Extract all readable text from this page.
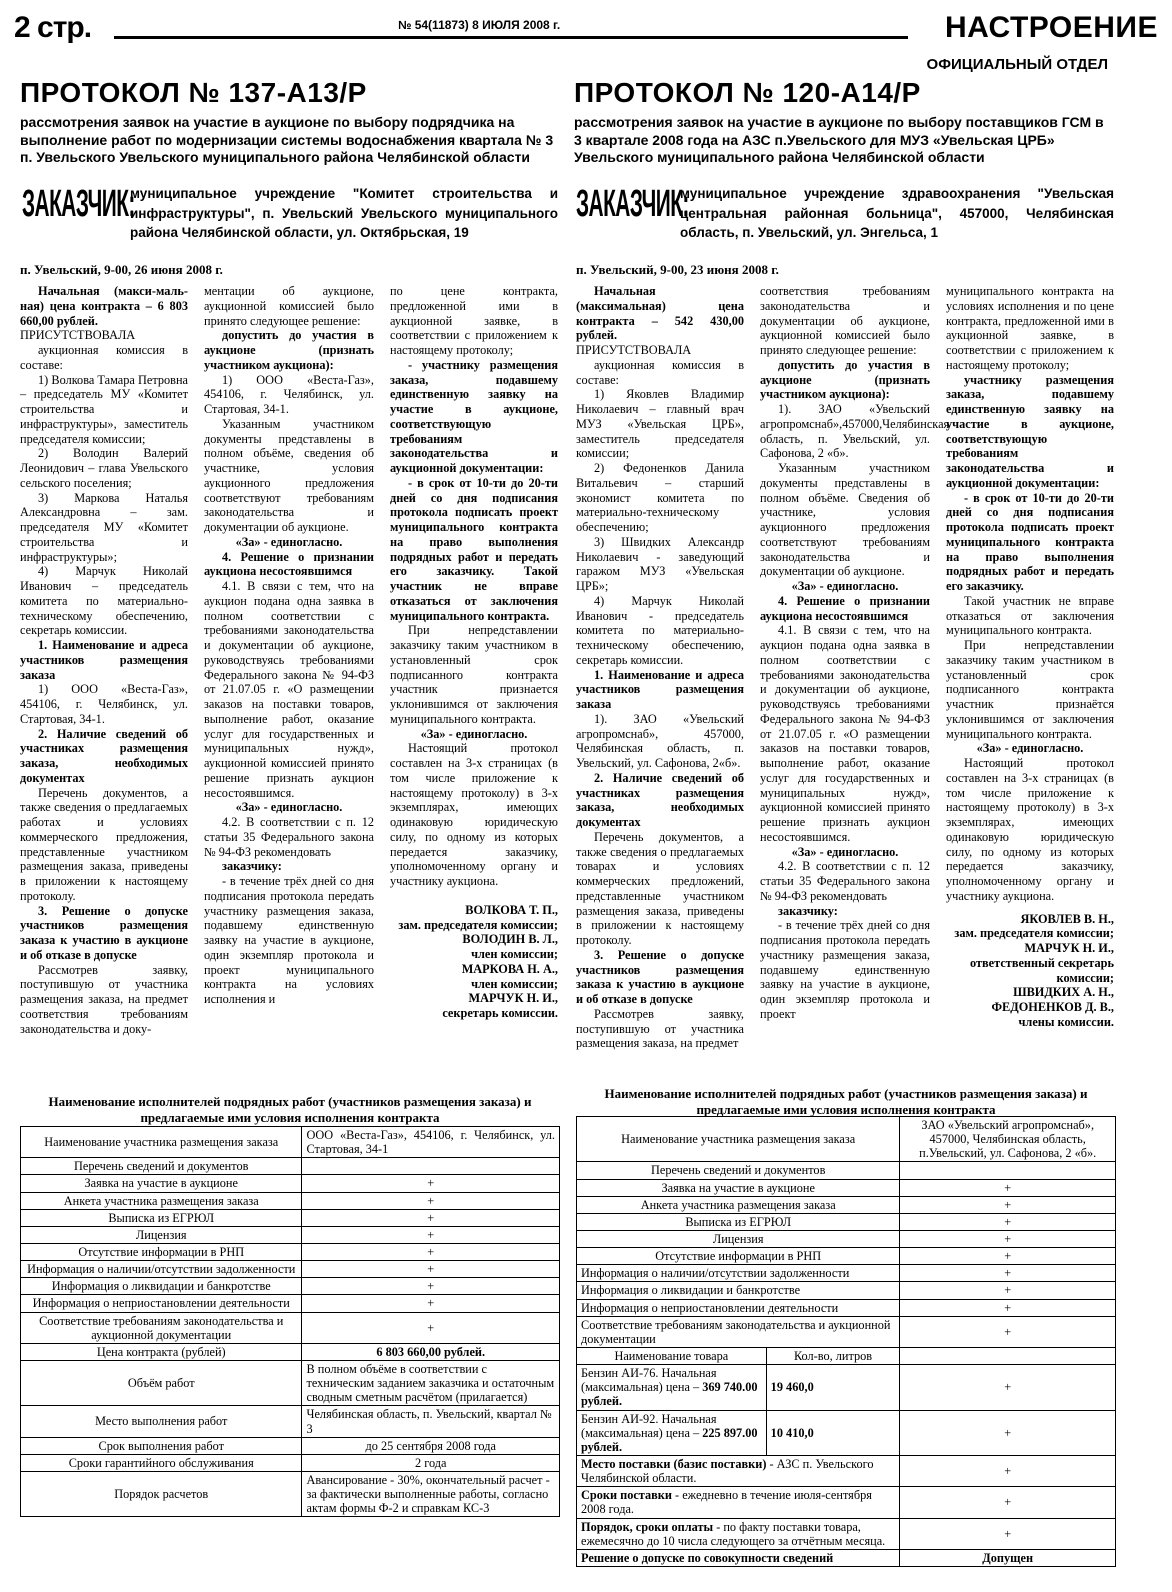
2 стр.	№ 54(11873) 8 ИЮЛЯ 2008 г.	НАСТРОЕНИЕ
ОФИЦИАЛЬНЫЙ ОТДЕЛ
ПРОТОКОЛ № 137-А13/Р
рассмотрения заявок на участие в аукционе по выбору подрядчика на выполнение работ по модернизации системы водоснабжения квартала № 3 п. Увельского Увельского муниципального района Челябинской области
ЗАКАЗЧИК:
муниципальное учреждение "Комитет строительства и инфраструктуры", п. Увельский Увельского муниципального района Челябинской области, ул. Октябрьская, 19
п. Увельский, 9-00, 26 июня 2008 г.

Начальная (макси-маль- ная) цена контракта – 6 803 660,00 рублей.

ПРИСУТСТВОВАЛА

аукционная комиссия в составе:

1) Волкова Тамара Петровна – председатель МУ «Комитет строительства и инфраструктуры», заместитель председателя комиссии;

2) Володин Валерий Леонидович – глава Увельского сельского поселения;

3) Маркова Наталья Александровна – зам. председателя МУ «Комитет строительства и инфраструктуры»;

4) Марчук Николай Иванович – председатель комитета по материально-техническому обеспечению, секретарь комиссии.

1. Наименование и адреса участников размещения заказа

1) ООО «Веста-Газ», 454106, г. Челябинск, ул. Стартовая, 34-1.

2. Наличие сведений об участниках размещения заказа, необходимых документах

Перечень документов, а также сведения о предлагаемых работах и условиях коммерческого предложения, представленные участником размещения заказа, приведены в приложении к настоящему протоколу.

3. Решение о допуске участников размещения заказа к участию в аукционе и об отказе в допуске

Рассмотрев заявку, поступившую от участника размещения заказа, на предмет соответствия требованиям законодательства и доку-

ментации об аукционе, аукционной комиссией было принято следующее решение:

допустить до участия в аукционе (признать участником аукциона):

1) ООО «Веста-Газ», 454106, г. Челябинск, ул. Стартовая, 34-1.

Указанным участником документы представлены в полном объёме, сведения об участнике, условия аукционного предложения соответствуют требованиям законодательства и документации об аукционе.

«За» - единогласно.

4. Решение о признании аукциона несостоявшимся

4.1. В связи с тем, что на аукцион подана одна заявка в полном соответствии с требованиями законодательства и документации об аукционе, руководствуясь требованиями Федерального закона № 94-ФЗ от 21.07.05 г. «О размещении заказов на поставки товаров, выполнение работ, оказание услуг для государственных и муниципальных нужд», аукционной комиссией принято решение признать аукцион несостоявшимся.

«За» - единогласно.

4.2. В соответствии с п. 12 статьи 35 Федерального закона № 94-ФЗ рекомендовать

заказчику:

- в течение трёх дней со дня подписания протокола передать участнику размещения заказа, подавшему единственную заявку на участие в аукционе, один экземпляр протокола и проект муниципального контракта на условиях исполнения и

по цене контракта, предложенной ими в аукционной заявке, в соответствии с приложением к настоящему протоколу;

- участнику размещения заказа, подавшему единственную заявку на участие в аукционе, соответствующую требованиям законодательства и аукционной документации:

- в срок от 10-ти до 20-ти дней со дня подписания протокола подписать проект муниципального контракта на право выполнения подрядных работ и передать его заказчику. Такой участник не вправе отказаться от заключения муниципального контракта.

При непредставлении заказчику таким участником в установленный срок подписанного контракта участник признается уклонившимся от заключения муниципального контракта.

«За» - единогласно.

Настоящий протокол составлен на 3-х страницах (в том числе приложение к настоящему протоколу) в 3-х экземплярах, имеющих одинаковую юридическую силу, по одному из которых передается заказчику, уполномоченному органу и участнику аукциона.

ВОЛКОВА Т. П.,

зам. председателя комиссии;

ВОЛОДИН В. Л.,

член комиссии;

МАРКОВА Н. А.,

член комиссии;

МАРЧУК Н. И.,

секретарь комиссии.

Наименование исполнителей подрядных работ (участников размещения заказа) и предлагаемые ими условия исполнения контракта
Наименование участника размещения заказа	ООО «Веста-Газ», 454106, г. Челябинск, ул. Стартовая, 34-1
Перечень сведений и документов	
Заявка на участие в аукционе	+
Анкета участника размещения заказа	+
Выписка из ЕГРЮЛ	+
Лицензия	+
Отсутствие информации в РНП	+
Информация о наличии/отсутствии задолженности	+
Информация о ликвидации и банкротстве	+
Информация о неприостановлении деятельности	+
Соответствие требованиям законодательства и аукционной документации	+
Цена контракта (рублей)	6 803 660,00 рублей.
Объём работ	В полном объёме в соответствии с техническим заданием заказчика и остаточным сводным сметным расчётом (прилагается)
Место выполнения работ	Челябинская область, п. Увельский, квартал № 3
Срок выполнения работ	до 25 сентября 2008 года
Сроки гарантийного обслуживания	2 года
Порядок расчетов	Авансирование - 30%, окончательный расчет - за фактически выполненные работы, согласно актам формы Ф-2 и справкам КС-3
ПРОТОКОЛ № 120-А14/Р
рассмотрения заявок на участие в аукционе по выбору поставщиков ГСМ в 3 квартале 2008 года на АЗС п.Увельского для МУЗ «Увельская ЦРБ» Увельского муниципального района Челябинской области
ЗАКАЗЧИК:
муниципальное учреждение здравоохранения "Увельская центральная районная больница", 457000, Челябинская область, п. Увельский, ул. Энгельса, 1
п. Увельский, 9-00, 23 июня 2008 г.

Начальная (максимальная) цена контракта – 542 430,00 рублей.

ПРИСУТСТВОВАЛА

аукционная комиссия в составе:

1) Яковлев Владимир Николаевич – главный врач МУЗ «Увельская ЦРБ», заместитель председателя комиссии;

2) Федоненков Данила Витальевич – старший экономист комитета по материально-техническому обеспечению;

3) Швидких Александр Николаевич - заведующий гаражом МУЗ «Увельская ЦРБ»;

4) Марчук Николай Иванович - председатель комитета по материально-техническому обеспечению, секретарь комиссии.

1. Наименование и адреса участников размещения заказа

1). ЗАО «Увельский агропромснаб», 457000, Челябинская область, п. Увельский, ул. Сафонова, 2«б».

2. Наличие сведений об участниках размещения заказа, необходимых документах

Перечень документов, а также сведения о предлагаемых товарах и условиях коммерческих предложений, представленные участником размещения заказа, приведены в приложении к настоящему протоколу.

3. Решение о допуске участников размещения заказа к участию в аукционе и об отказе в допуске

Рассмотрев заявку, поступившую от участника размещения заказа, на предмет

соответствия требованиям законодательства и документации об аукционе, аукционной комиссией было принято следующее решение:

допустить до участия в аукционе (признать участником аукциона):

1). ЗАО «Увельский агропромснаб»,457000,Челябинская область, п. Увельский, ул. Сафонова, 2 «б».

Указанным участником документы представлены в полном объёме. Сведения об участнике, условия аукционного предложения соответствуют требованиям законодательства и документации об аукционе.

«За» - единогласно.

4. Решение о признании аукциона несостоявшимся

4.1. В связи с тем, что на аукцион подана одна заявка в полном соответствии с требованиями законодательства и документации об аукционе, руководствуясь требованиями Федерального закона № 94-ФЗ от 21.07.05 г. «О размещении заказов на поставки товаров, выполнение работ, оказание услуг для государственных и муниципальных нужд», аукционной комиссией принято решение признать аукцион несостоявшимся.

«За» - единогласно.

4.2. В соответствии с п. 12 статьи 35 Федерального закона № 94-ФЗ рекомендовать

заказчику:

- в течение трёх дней со дня подписания протокола передать участнику размещения заказа, подавшему единственную заявку на участие в аукционе, один экземпляр протокола и проект

муниципального контракта на условиях исполнения и по цене контракта, предложенной ими в аукционной заявке, в соответствии с приложением к настоящему протоколу;

участнику размещения заказа, подавшему единственную заявку на участие в аукционе, соответствующую требованиям законодательства и аукционной документации:

- в срок от 10-ти до 20-ти дней со дня подписания протокола подписать проект муниципального контракта на право выполнения подрядных работ и передать его заказчику.

Такой участник не вправе отказаться от заключения муниципального контракта.

При непредставлении заказчику таким участником в установленный срок подписанного контракта участник признаётся уклонившимся от заключения муниципального контракта.

«За» - единогласно.

Настоящий протокол составлен на 3-х страницах (в том числе приложение к настоящему протоколу) в 3-х экземплярах, имеющих одинаковую юридическую силу, по одному из которых передается заказчику, уполномоченному органу и участнику аукциона.

ЯКОВЛЕВ В. Н.,

зам. председателя комиссии;

МАРЧУК Н. И.,

ответственный секретарь комиссии;

ШВИДКИХ А. Н.,

ФЕДОНЕНКОВ Д. В.,

члены комиссии.

Наименование исполнителей подрядных работ (участников размещения заказа) и предлагаемые ими условия исполнения контракта
Наименование участника размещения заказа		ЗАО «Увельский агропромснаб», 457000, Челябинская область, п.Увельский, ул. Сафонова, 2 «б».
Перечень сведений и документов		
Заявка на участие в аукционе		+
Анкета участника размещения заказа		+
Выписка из ЕГРЮЛ		+
Лицензия		+
Отсутствие информации в РНП		+
Информация о наличии/отсутствии задолженности		+
Информация о ликвидации и банкротстве		+
Информация о неприостановлении деятельности		+
Соответствие требованиям законодательства и аукционной документации		+
Наименование товара	Кол-во, литров	
Бензин АИ-76. Начальная (максимальная) цена – 369 740.00 рублей.	19 460,0	+
Бензин АИ-92. Начальная (максимальная) цена – 225 897.00 рублей.	10 410,0	+
Место поставки (базис поставки) - АЗС п. Увельского Челябинской области.		+
Сроки поставки - ежедневно в течение июля-сентября 2008 года.		+
Порядок, сроки оплаты - по факту поставки товара, ежемесячно до 10 числа следующего за отчётным месяца.		+
Решение о допуске по совокупности сведений		Допущен
